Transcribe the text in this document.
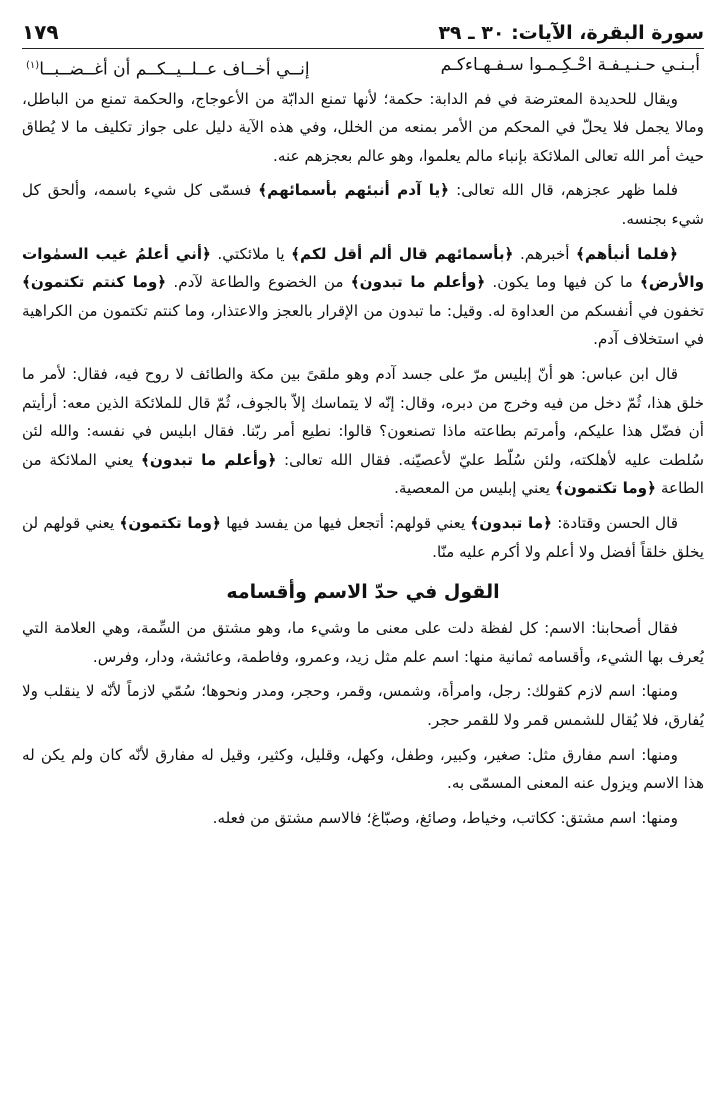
سورة البقرة، الآيات: ٣٠ ـ ٣٩
١٧٩
أبـنـي حـنـيـفـة احْـكِـمـوا سـفـهـاءكـم
إنــي أخــاف عــلــيــكــم أن أغــضــبــا$^{(١)}$

ويقال للحديدة المعترضة في فم الدابة: حكمة؛ لأنها تمنع الدابّة من الأعوجاج، والحكمة تمنع من الباطل، ومالا يجمل فلا يحلّ في المحكم من الأمر بمنعه من الخلل، وفي هذه الآية دليل على جواز تكليف ما لا يُطاق حيث أمر الله تعالى الملائكة بإنباء مالم يعلموا، وهو عالم بعجزهم عنه.

فلما ظهر عجزهم، قال الله تعالى: ﴿يا آدم أنبئهم بأسمائهم﴾ فسمّى كل شيء باسمه، وألحق كل شيء بجنسه.

﴿فلما أنبأهم﴾ أخبرهم. ﴿بأسمائهم قال ألم أقل لكم﴾ يا ملائكتي. ﴿أني أعلمُ غيب السمٰوات والأرض﴾ ما كن فيها وما يكون. ﴿وأعلم ما تبدون﴾ من الخضوع والطاعة لآدم. ﴿وما كنتم تكتمون﴾ تخفون في أنفسكم من العداوة له. وقيل: ما تبدون من الإقرار بالعجز والاعتذار، وما كنتم تكتمون من الكراهية في استخلاف آدم.

قال ابن عباس: هو أنّ إبليس مرّ على جسد آدم وهو ملقىً بين مكة والطائف لا روح فيه، فقال: لأمر ما خلق هذا، ثُمّ دخل من فيه وخرج من دبره، وقال: إنّه لا يتماسك إلاّ بالجوف، ثُمّ قال للملائكة الذين معه: أرأيتم أن فضّل هذا عليكم، وأمرتم بطاعته ماذا تصنعون؟ قالوا: نطيع أمر ربّنا. فقال ابليس في نفسه: والله لئن سُلطت عليه لأهلكته، ولئن سُلّط عليّ لأعصيّنه. فقال الله تعالى: ﴿وأعلم ما تبدون﴾ يعني الملائكة من الطاعة ﴿وما تكتمون﴾ يعني إبليس من المعصية.

قال الحسن وقتادة: ﴿ما تبدون﴾ يعني قولهم: أتجعل فيها من يفسد فيها ﴿وما تكتمون﴾ يعني قولهم لن يخلق خلقاً أفضل ولا أعلم ولا أكرم عليه منّا.

القول في حدّ الاسم وأقسامه

فقال أصحابنا: الاسم: كل لفظة دلت على معنى ما وشيء ما، وهو مشتق من السِّمة، وهي العلامة التي يُعرف بها الشيء، وأقسامه ثمانية منها: اسم علم مثل زيد، وعمرو، وفاطمة، وعائشة، ودار، وفرس.

ومنها: اسم لازم كقولك: رجل، وامرأة، وشمس، وقمر، وحجر، ومدر ونحوها؛ سُمّي لازماً لأنّه لا ينقلب ولا يُفارق، فلا يُقال للشمس قمر ولا للقمر حجر.

ومنها: اسم مفارق مثل: صغير، وكبير، وطفل، وكهل، وقليل، وكثير، وقيل له مفارق لأنّه كان ولم يكن له هذا الاسم ويزول عنه المعنى المسمّى به.

ومنها: اسم مشتق: ككاتب، وخياط، وصائغ، وصبّاغ؛ فالاسم مشتق من فعله.
